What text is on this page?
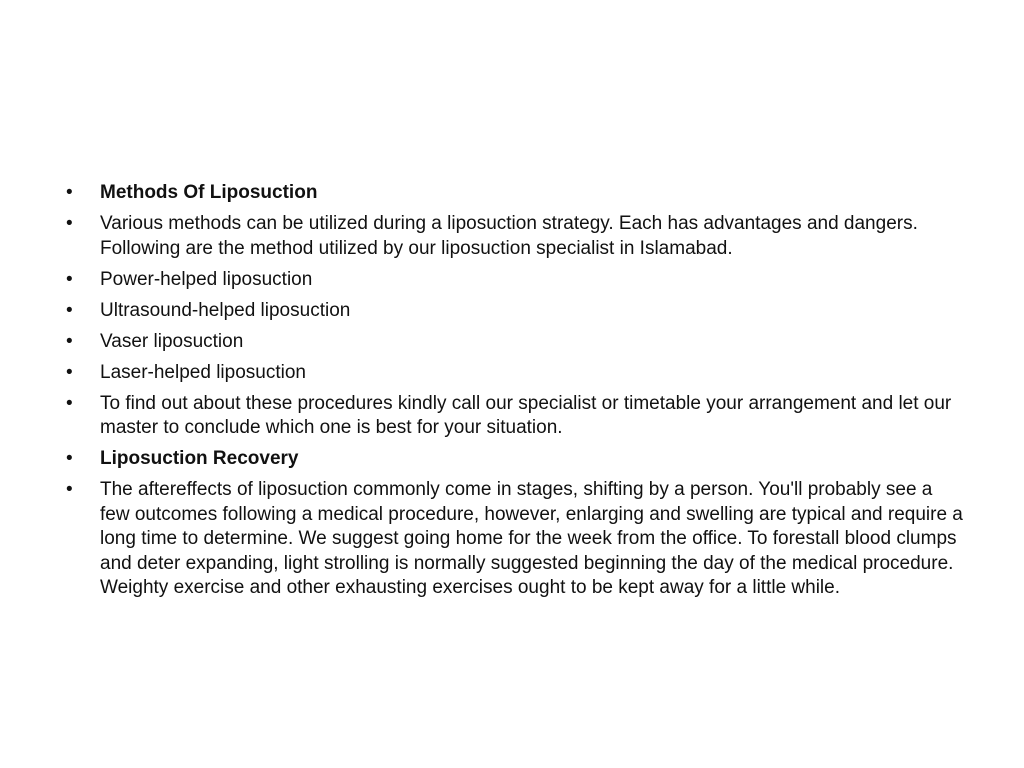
•	Methods Of Liposuction
•	Various methods can be utilized during a liposuction strategy. Each has advantages and dangers. Following are the method utilized by our liposuction specialist in Islamabad.
•	Power-helped liposuction
•	Ultrasound-helped liposuction
•	Vaser liposuction
•	Laser-helped liposuction
•	To find out about these procedures kindly call our specialist or timetable your arrangement and let our master to conclude which one is best for your situation.
•	Liposuction Recovery
•	The aftereffects of liposuction commonly come in stages, shifting by a person. You'll probably see a few outcomes following a medical procedure, however, enlarging and swelling are typical and require a long time to determine. We suggest going home for the week from the office. To forestall blood clumps and deter expanding, light strolling is normally suggested beginning the day of the medical procedure. Weighty exercise and other exhausting exercises ought to be kept away for a little while.
